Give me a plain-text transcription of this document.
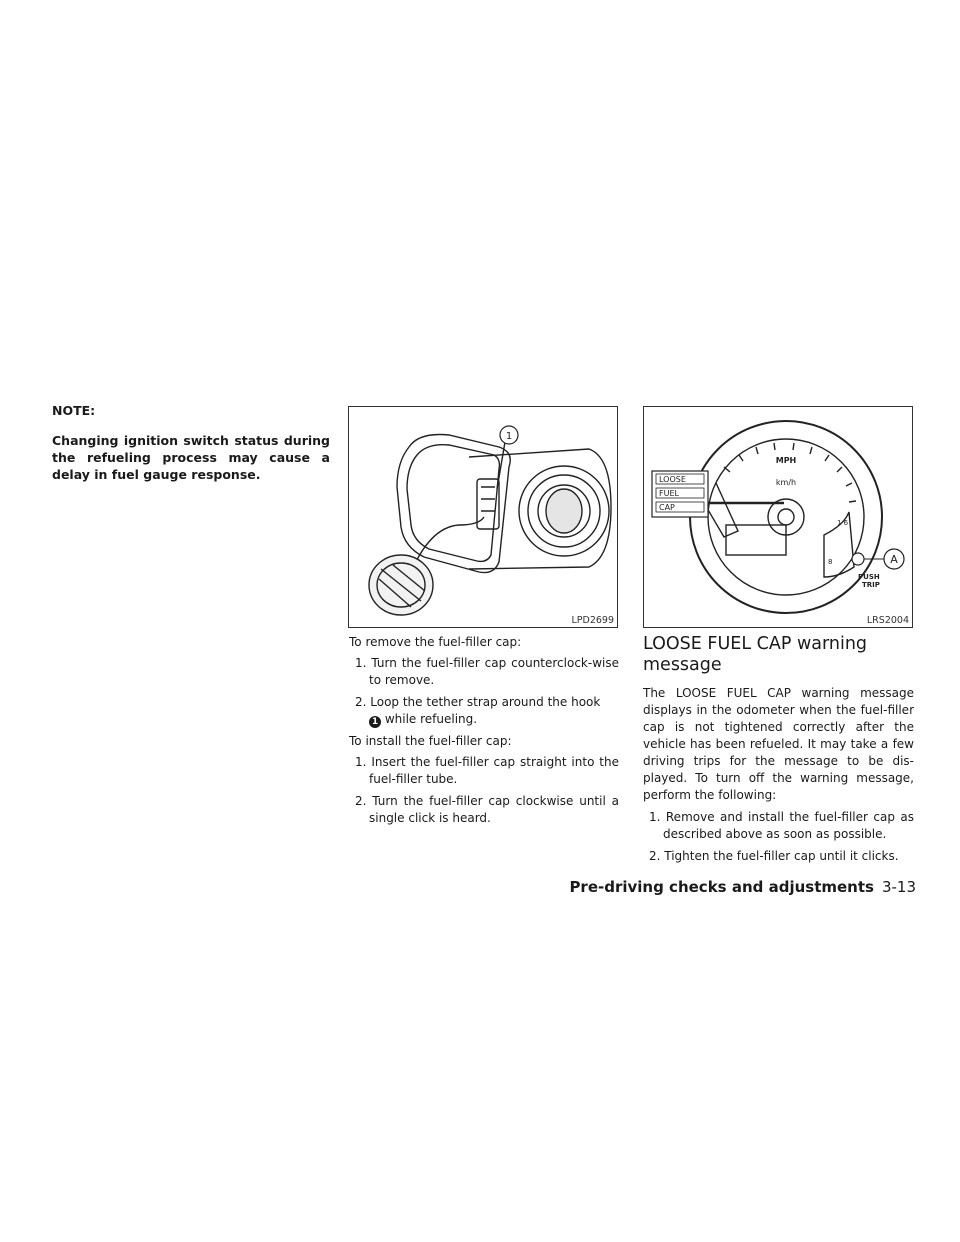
NOTE:

Changing ignition switch status during the refueling process may cause a delay in fuel gauge response.

1
LPD2699
LOOSE
FUEL
CAP
MPH
km/h
8
1 6
PUSH
TRIP
A
LRS2004

To remove the fuel-filler cap:

1. Turn the fuel-filler cap counterclock-wise to remove.

2. Loop the tether strap around the hook
1 while refueling.

To install the fuel-filler cap:

1. Insert the fuel-filler cap straight into the fuel-filler tube.

2. Turn the fuel-filler cap clockwise until a single click is heard.

LOOSE FUEL CAP warning message

The LOOSE FUEL CAP warning message displays in the odometer when the fuel-filler cap is not tightened correctly after the vehicle has been refueled. It may take a few driving trips for the message to be dis-played. To turn off the warning message, perform the following:

1. Remove and install the fuel-filler cap as described above as soon as possible.

2. Tighten the fuel-filler cap until it clicks.

Pre-driving checks and adjustments 3-13
